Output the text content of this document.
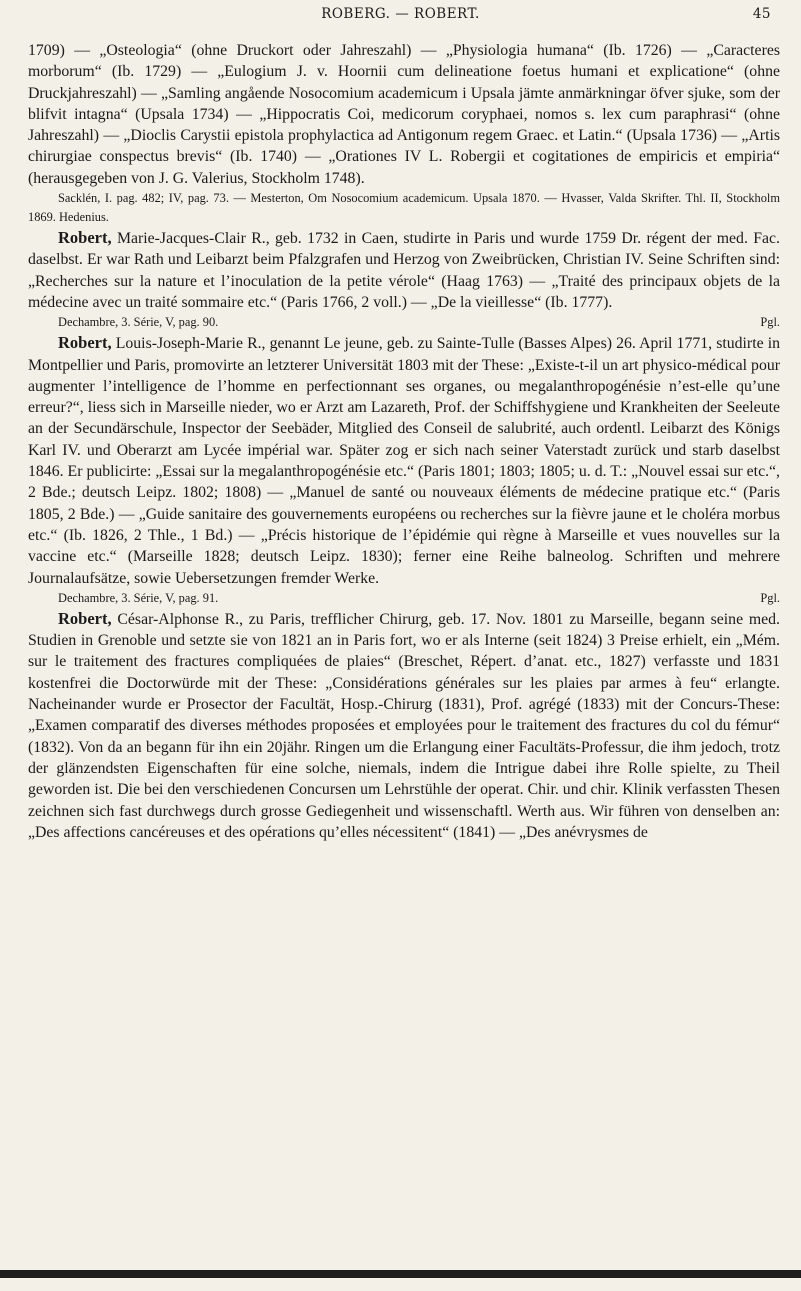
ROBERG. — ROBERT.	45

1709) — „Osteologia“ (ohne Druckort oder Jahreszahl) — „Physiologia humana“ (Ib. 1726) — „Caracteres morborum“ (Ib. 1729) — „Eulogium J. v. Hoornii cum delineatione foetus humani et explicatione“ (ohne Druckjahreszahl) — „Samling angående Nosocomium academicum i Upsala jämte anmärkningar öfver sjuke, som der blifvit intagna“ (Upsala 1734) — „Hippocratis Coi, medicorum coryphaei, nomos s. lex cum paraphrasi“ (ohne Jahreszahl) — „Dioclis Carystii epistola prophylactica ad Antigonum regem Graec. et Latin.“ (Upsala 1736) — „Artis chirurgiae conspectus brevis“ (Ib. 1740) — „Orationes IV L. Robergii et cogitationes de empiricis et empiria“ (herausgegeben von J. G. Valerius, Stockholm 1748).

Sacklén, I. pag. 482; IV, pag. 73. — Mesterton, Om Nosocomium academicum. Upsala 1870. — Hvasser, Valda Skrifter. Thl. II, Stockholm 1869. Hedenius.

Robert, Marie-Jacques-Clair R., geb. 1732 in Caen, studirte in Paris und wurde 1759 Dr. régent der med. Fac. daselbst. Er war Rath und Leibarzt beim Pfalzgrafen und Herzog von Zweibrücken, Christian IV. Seine Schriften sind: „Recherches sur la nature et l’inoculation de la petite vérole“ (Haag 1763) — „Traité des principaux objets de la médecine avec un traité sommaire etc.“ (Paris 1766, 2 voll.) — „De la vieillesse“ (Ib. 1777).

Dechambre, 3. Série, V, pag. 90.	Pgl.

Robert, Louis-Joseph-Marie R., genannt Le jeune, geb. zu Sainte-Tulle (Basses Alpes) 26. April 1771, studirte in Montpellier und Paris, promovirte an letzterer Universität 1803 mit der These: „Existe-t-il un art physico-médical pour augmenter l’intelligence de l’homme en perfectionnant ses organes, ou megalanthropogénésie n’est-elle qu’une erreur?“, liess sich in Marseille nieder, wo er Arzt am Lazareth, Prof. der Schiffshygiene und Krankheiten der Seeleute an der Secundärschule, Inspector der Seebäder, Mitglied des Conseil de salubrité, auch ordentl. Leibarzt des Königs Karl IV. und Oberarzt am Lycée impérial war. Später zog er sich nach seiner Vaterstadt zurück und starb daselbst 1846. Er publicirte: „Essai sur la megalanthropogénésie etc.“ (Paris 1801; 1803; 1805; u. d. T.: „Nouvel essai sur etc.“, 2 Bde.; deutsch Leipz. 1802; 1808) — „Manuel de santé ou nouveaux éléments de médecine pratique etc.“ (Paris 1805, 2 Bde.) — „Guide sanitaire des gouvernements européens ou recherches sur la fièvre jaune et le choléra morbus etc.“ (Ib. 1826, 2 Thle., 1 Bd.) — „Précis historique de l’épidémie qui règne à Marseille et vues nouvelles sur la vaccine etc.“ (Marseille 1828; deutsch Leipz. 1830); ferner eine Reihe balneolog. Schriften und mehrere Journalaufsätze, sowie Uebersetzungen fremder Werke.

Dechambre, 3. Série, V, pag. 91.	Pgl.

Robert, César-Alphonse R., zu Paris, trefflicher Chirurg, geb. 17. Nov. 1801 zu Marseille, begann seine med. Studien in Grenoble und setzte sie von 1821 an in Paris fort, wo er als Interne (seit 1824) 3 Preise erhielt, ein „Mém. sur le traitement des fractures compliquées de plaies“ (Breschet, Répert. d’anat. etc., 1827) verfasste und 1831 kostenfrei die Doctorwürde mit der These: „Considérations générales sur les plaies par armes à feu“ erlangte. Nacheinander wurde er Prosector der Facultät, Hosp.-Chirurg (1831), Prof. agrégé (1833) mit der Concurs-These: „Examen comparatif des diverses méthodes proposées et employées pour le traitement des fractures du col du fémur“ (1832). Von da an begann für ihn ein 20jähr. Ringen um die Erlangung einer Facultäts-Professur, die ihm jedoch, trotz der glänzendsten Eigenschaften für eine solche, niemals, indem die Intrigue dabei ihre Rolle spielte, zu Theil geworden ist. Die bei den verschiedenen Concursen um Lehrstühle der operat. Chir. und chir. Klinik verfassten Thesen zeichnen sich fast durchwegs durch grosse Gediegenheit und wissenschaftl. Werth aus. Wir führen von denselben an: „Des affections cancéreuses et des opérations qu’elles nécessitent“ (1841) — „Des anévrysmes de
